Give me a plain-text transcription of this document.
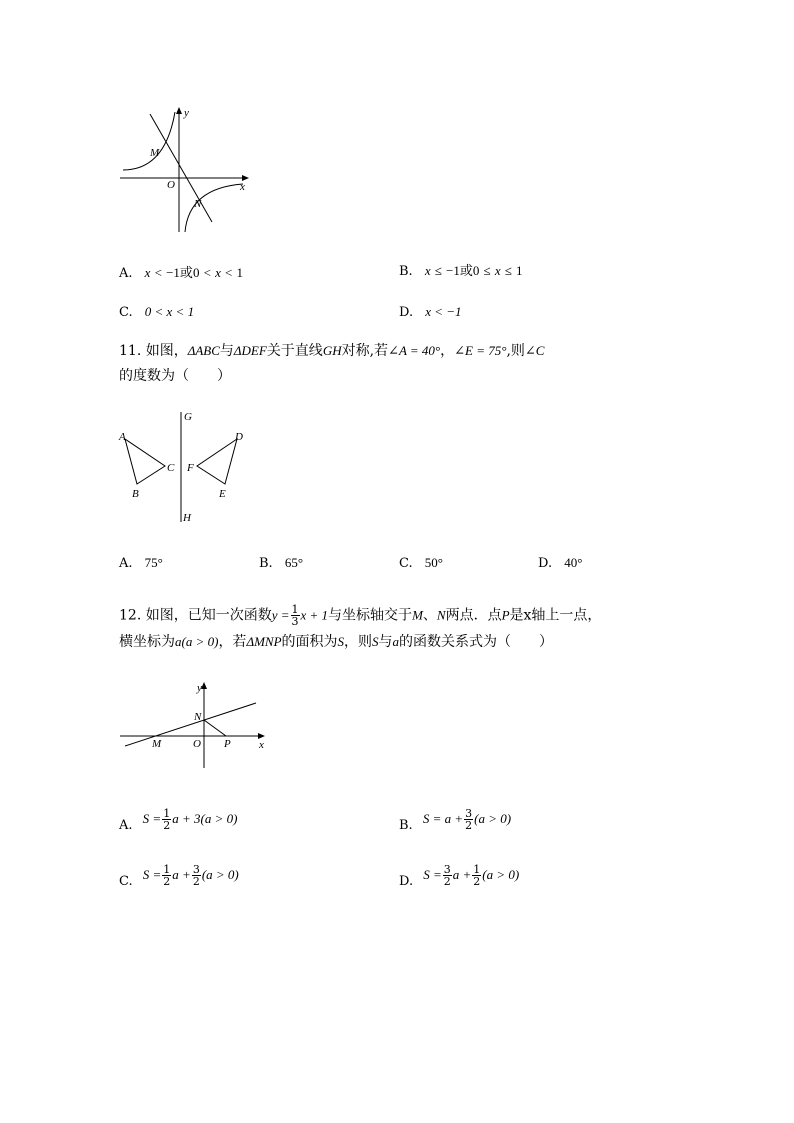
y
x
O
M
N
A. x < −1或0 < x < 1	B. x ≤ −1或0 ≤ x ≤ 1
C. 0 < x < 1	D. x < −1
11. 如图，ΔABC与ΔDEF关于直线GH对称,若∠A = 40°，∠E = 75°,则∠C
的度数为（　　）
G
H
A
B
C
D
E
F
A. 75°	B. 65°	C. 50°	D. 40°
12. 如图，已知一次函数$y = \frac{1}{3}$ x + 1与坐标轴交于M、N两点．点P是x轴上一点，
横坐标为a(a > 0)，若ΔMNP的面积为S，则S与a的函数关系式为（　　）
y
x
N
M	O P
A. $S = \frac{1}{2}$ a + 3(a > 0)	B. $S = a + \frac{3}{2} (a > 0)$
C. $S = \frac{1}{2}$ $a + \frac{3}{2} (a > 0)$	D. $S = \frac{3}{2}$ $a + \frac{1}{2} (a > 0)$
